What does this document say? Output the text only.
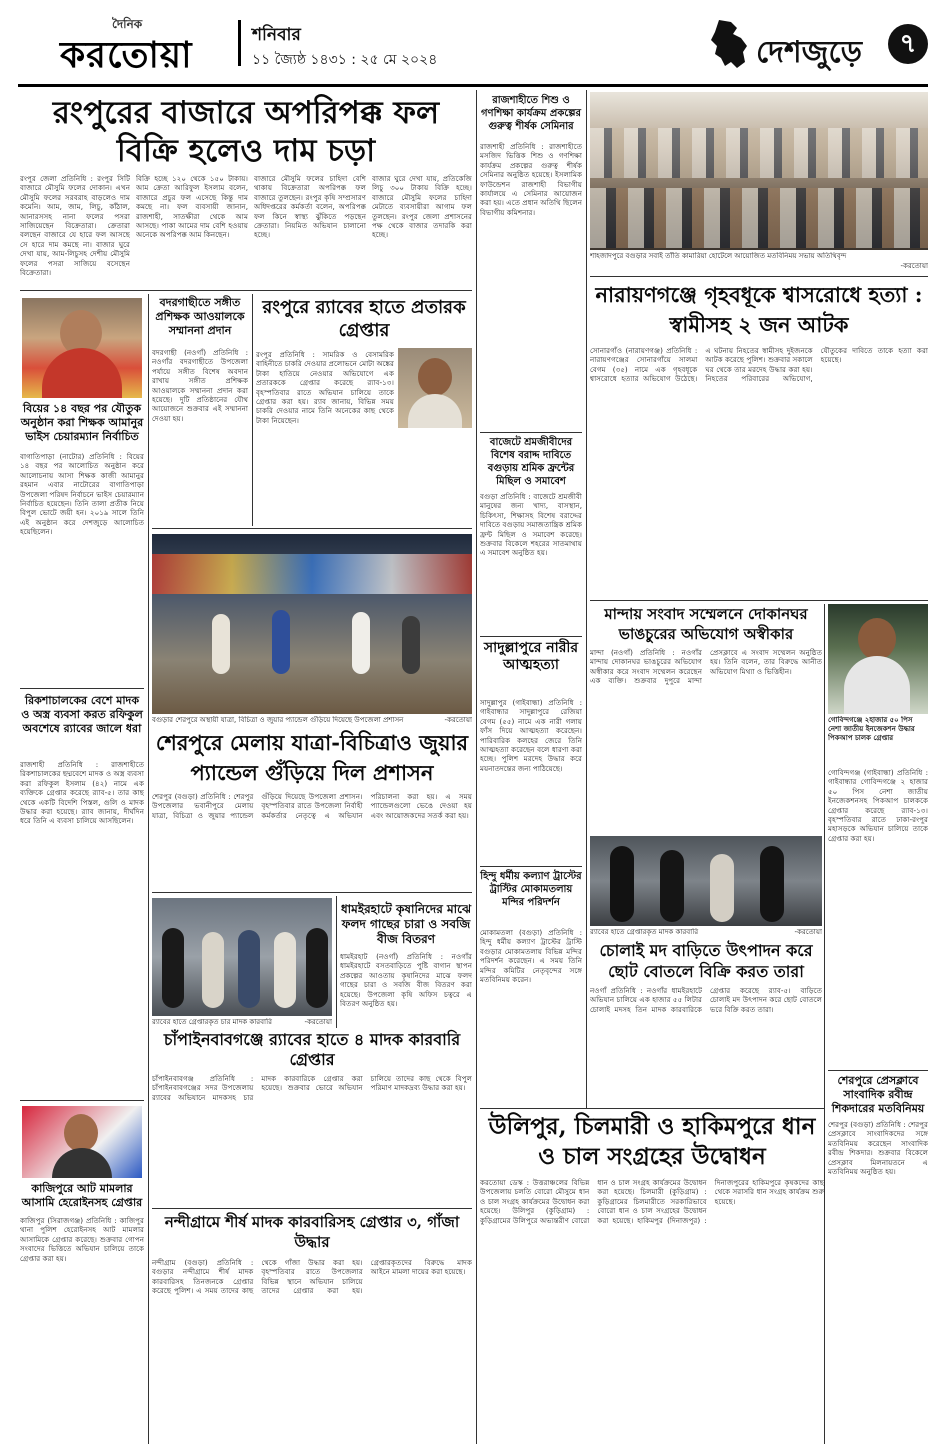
দৈনিক
করতোয়া	শনিবার
১১ জ্যৈষ্ঠ ১৪৩১ : ২৫ মে ২০২৪	দেশজুড়ে	৭
রংপুরের বাজারে অপরিপক্ক ফল বিক্রি হলেও দাম চড়া
রংপুর জেলা প্রতিনিধি : রংপুর সিটি বাজারে মৌসুমি ফলের দোকান। এখন মৌসুমি ফলের সরবরাহ বাড়লেও দাম কমেনি। আম, জাম, লিচু, কাঁঠাল, আনারসসহ নানা ফলের পসরা সাজিয়েছেন বিক্রেতারা। ক্রেতারা বলছেন বাজারে যে হারে ফল আসছে সে হারে দাম কমছে না। বাজার ঘুরে দেখা যায়, আম-লিচুসহ দেশীয় মৌসুমি ফলের পসরা সাজিয়ে বসেছেন বিক্রেতারা।
বিক্রি হচ্ছে ১২০ থেকে ১৫০ টাকায়। আম ক্রেতা আরিফুল ইসলাম বলেন, বাজারে প্রচুর ফল এসেছে কিন্তু দাম কমছে না। ফল ব্যবসায়ী জানান, রাজশাহী, সাতক্ষীরা থেকে আম আসছে। পাকা আমের দাম বেশি হওয়ায় অনেকে অপরিপক্ক আম কিনছেন।
বাজারে মৌসুমি ফলের চাহিদা বেশি থাকায় বিক্রেতারা অপরিপক্ক ফল বাজারে তুলছেন। রংপুর কৃষি সম্প্রসারণ অধিদপ্তরের কর্মকর্তা বলেন, অপরিপক্ক ফল কিনে স্বাস্থ্য ঝুঁকিতে পড়ছেন ক্রেতারা। নিয়মিত অভিযান চালানো হচ্ছে।
বাজার ঘুরে দেখা যায়, প্রতিকেজি লিচু ৩০০ টাকায় বিক্রি হচ্ছে। বাজারে মৌসুমি ফলের চাহিদা মেটাতে ব্যবসায়ীরা আগাম ফল তুলছেন। রংপুর জেলা প্রশাসনের পক্ষ থেকে বাজার তদারকি করা হচ্ছে।
বিয়ের ১৪ বছর পর যৌতুক অনুষ্ঠান করা শিক্ষক আমানুর ভাইস চেয়ারম্যান নির্বাচিত
বাগাতিপাড়া (নাটোর) প্রতিনিধি : বিয়ের ১৪ বছর পর আলোচিত অনুষ্ঠান করে আলোচনায় আসা শিক্ষক কাজী আমানুর রহমান এবার নাটোরের বাগাতিপাড়া উপজেলা পরিষদ নির্বাচনে ভাইস চেয়ারম্যান নির্বাচিত হয়েছেন। তিনি তালা প্রতীক নিয়ে বিপুল ভোটে জয়ী হন। ২০১৯ সালে তিনি এই অনুষ্ঠান করে দেশজুড়ে আলোচিত হয়েছিলেন।
রিকশাচালকের বেশে মাদক ও অস্ত্র ব্যবসা করত রফিকুল অবশেষে র‍্যাবের জালে ধরা
রাজশাহী প্রতিনিধি : রাজশাহীতে রিকশাচালকের ছদ্মবেশে মাদক ও অস্ত্র ব্যবসা করা রফিকুল ইসলাম (৪২) নামে এক ব্যক্তিকে গ্রেপ্তার করেছে র‍্যাব-৫। তার কাছ থেকে একটি বিদেশি পিস্তল, গুলি ও মাদক উদ্ধার করা হয়েছে। র‍্যাব জানায়, দীর্ঘদিন ধরে তিনি এ ব্যবসা চালিয়ে আসছিলেন।
কাজিপুরে আট মামলার আসামি হেরোইনসহ গ্রেপ্তার
কাজিপুর (সিরাজগঞ্জ) প্রতিনিধি : কাজিপুর থানা পুলিশ হেরোইনসহ আট মামলার আসামিকে গ্রেপ্তার করেছে। শুক্রবার গোপন সংবাদের ভিত্তিতে অভিযান চালিয়ে তাকে গ্রেপ্তার করা হয়।
বদরগাছীতে সঙ্গীত প্রশিক্ষক আওয়ালকে সম্মাননা প্রদান
বদরগাছী (নওগাঁ) প্রতিনিধি : নওগাঁর বদরগাছীতে উপজেলা পর্যায়ে সঙ্গীত বিশেষ অবদান রাখায় সঙ্গীত প্রশিক্ষক আওয়ালকে সম্মাননা প্রদান করা হয়েছে। দুটি প্রতিষ্ঠানের যৌথ আয়োজনে শুক্রবার এই সম্মাননা দেওয়া হয়।
রংপুরে র‍্যাবের হাতে প্রতারক গ্রেপ্তার
রংপুর প্রতিনিধি : সামরিক ও বেসামরিক বাহিনীতে চাকরি দেওয়ার প্রলোভনে মোটা অঙ্কের টাকা হাতিয়ে নেওয়ার অভিযোগে এক প্রতারককে গ্রেপ্তার করেছে র‍্যাব-১৩। বৃহস্পতিবার রাতে অভিযান চালিয়ে তাকে গ্রেপ্তার করা হয়। র‍্যাব জানায়, বিভিন্ন সময় চাকরি দেওয়ার নামে তিনি অনেকের কাছ থেকে টাকা নিয়েছেন।
বগুড়ার শেরপুরে অস্থায়ী যাত্রা, বিচিত্রা ও জুয়ার প্যান্ডেল গুঁড়িয়ে দিয়েছে উপজেলা প্রশাসন	-করতোয়া
শেরপুরে মেলায় যাত্রা-বিচিত্রাও জুয়ার প্যান্ডেল গুঁড়িয়ে দিল প্রশাসন
শেরপুর (বগুড়া) প্রতিনিধি : শেরপুর উপজেলার ভবানীপুরে মেলায় যাত্রা, বিচিত্রা ও জুয়ার প্যান্ডেল গুঁড়িয়ে দিয়েছে উপজেলা প্রশাসন। বৃহস্পতিবার রাতে উপজেলা নির্বাহী কর্মকর্তার নেতৃত্বে এ অভিযান পরিচালনা করা হয়। এ সময় প্যান্ডেলগুলো ভেঙে দেওয়া হয় এবং আয়োজকদের সতর্ক করা হয়।
র‍্যাবের হাতে গ্রেপ্তারকৃত চার মাদক কারবারি	-করতোয়া
ধামইরহাটে কৃষানিদের মাঝে ফলদ গাছের চারা ও সবজি বীজ বিতরণ
ধামইরহাট (নওগাঁ) প্রতিনিধি : নওগাঁর ধামইরহাটে বসতবাড়িতে পুষ্টি বাগান স্থাপন প্রকল্পের আওতায় কৃষানিদের মাঝে ফলদ গাছের চারা ও সবজি বীজ বিতরণ করা হয়েছে। উপজেলা কৃষি অফিস চত্বরে এ বিতরণ অনুষ্ঠিত হয়।
চাঁপাইনবাবগঞ্জে র‍্যাবের হাতে ৪ মাদক কারবারি গ্রেপ্তার
চাঁপাইনবাবগঞ্জ প্রতিনিধি : চাঁপাইনবাবগঞ্জের সদর উপজেলায় র‍্যাবের অভিযানে মাদকসহ চার মাদক কারবারিকে গ্রেপ্তার করা হয়েছে। শুক্রবার ভোরে অভিযান চালিয়ে তাদের কাছ থেকে বিপুল পরিমাণ মাদকদ্রব্য উদ্ধার করা হয়।
রাজশাহীতে শিশু ও গণশিক্ষা কার্যক্রম প্রকল্পের গুরুত্ব শীর্ষক সেমিনার
রাজশাহী প্রতিনিধি : রাজশাহীতে মসজিদ ভিত্তিক শিশু ও গণশিক্ষা কার্যক্রম প্রকল্পের গুরুত্ব শীর্ষক সেমিনার অনুষ্ঠিত হয়েছে। ইসলামিক ফাউন্ডেশন রাজশাহী বিভাগীয় কার্যালয়ে এ সেমিনার আয়োজন করা হয়। এতে প্রধান অতিথি ছিলেন বিভাগীয় কমিশনার।
বাজেটে শ্রমজীবীদের বিশেষ বরাদ্দ দাবিতে বগুড়ায় শ্রমিক ফ্রন্টের মিছিল ও সমাবেশ
বগুড়া প্রতিনিধি : বাজেটে শ্রমজীবী মানুষের জন্য খাদ্য, বাসস্থান, চিকিৎসা, শিক্ষাসহ বিশেষ বরাদ্দের দাবিতে বগুড়ায় সমাজতান্ত্রিক শ্রমিক ফ্রন্ট মিছিল ও সমাবেশ করেছে। শুক্রবার বিকেলে শহরের সাতমাথায় এ সমাবেশ অনুষ্ঠিত হয়।
সাদুল্লাপুরে নারীর আত্মহত্যা
সাদুল্লাপুর (গাইবান্ধা) প্রতিনিধি : গাইবান্ধার সাদুল্লাপুরে রেজিয়া বেগম (৫৫) নামে এক নারী গলায় ফাঁস দিয়ে আত্মহত্যা করেছেন। পারিবারিক কলহের জেরে তিনি আত্মহত্যা করেছেন বলে ধারণা করা হচ্ছে। পুলিশ মরদেহ উদ্ধার করে ময়নাতদন্তের জন্য পাঠিয়েছে।
হিন্দু ধর্মীয় কল্যাণ ট্রাস্টের ট্রাস্টির মোকামতলায় মন্দির পরিদর্শন
মোকামতলা (বগুড়া) প্রতিনিধি : হিন্দু ধর্মীয় কল্যাণ ট্রাস্টের ট্রাস্টি বগুড়ার মোকামতলায় বিভিন্ন মন্দির পরিদর্শন করেছেন। এ সময় তিনি মন্দির কমিটির নেতৃবৃন্দের সঙ্গে মতবিনিময় করেন।
শাহজাদপুরে বগুড়ার সবাই তাঁতি কামারিয়া হোটেলে আয়োজিত মতবিনিময় সভায় অতিথিবৃন্দ
-করতোয়া
নারায়ণগঞ্জে গৃহবধূকে শ্বাসরোধে হত্যা : স্বামীসহ ২ জন আটক
সোনারগাঁও (নারায়ণগঞ্জ) প্রতিনিধি : নারায়ণগঞ্জের সোনারগাঁয়ে সালমা বেগম (৩৫) নামে এক গৃহবধূকে শ্বাসরোধে হত্যার অভিযোগ উঠেছে। এ ঘটনায় নিহতের স্বামীসহ দুইজনকে আটক করেছে পুলিশ। শুক্রবার সকালে ঘর থেকে তার মরদেহ উদ্ধার করা হয়। নিহতের পরিবারের অভিযোগ, যৌতুকের দাবিতে তাকে হত্যা করা হয়েছে।
মান্দায় সংবাদ সম্মেলনে দোকানঘর ভাঙচুরের অভিযোগ অস্বীকার
মান্দা (নওগাঁ) প্রতিনিধি : নওগাঁর মান্দায় দোকানঘর ভাঙচুরের অভিযোগ অস্বীকার করে সংবাদ সম্মেলন করেছেন এক ব্যক্তি। শুক্রবার দুপুরে মান্দা প্রেসক্লাবে এ সংবাদ সম্মেলন অনুষ্ঠিত হয়। তিনি বলেন, তার বিরুদ্ধে আনীত অভিযোগ মিথ্যা ও ভিত্তিহীন।
গোবিন্দগঞ্জে ২হাজার ৫০ পিস নেশা জাতীয় ইনজেকশন উদ্ধার পিকআপ চালক গ্রেপ্তার
গোবিন্দগঞ্জ (গাইবান্ধা) প্রতিনিধি : গাইবান্ধার গোবিন্দগঞ্জে ২ হাজার ৫০ পিস নেশা জাতীয় ইনজেকশনসহ পিকআপ চালককে গ্রেপ্তার করেছে র‍্যাব-১৩। বৃহস্পতিবার রাতে ঢাকা-রংপুর মহাসড়কে অভিযান চালিয়ে তাকে গ্রেপ্তার করা হয়।
র‍্যাবের হাতে গ্রেপ্তারকৃত মাদক কারবারি	-করতোয়া
চোলাই মদ বাড়িতে উৎপাদন করে ছোট বোতলে বিক্রি করত তারা
নওগাঁ প্রতিনিধি : নওগাঁর ধামইরহাটে অভিযান চালিয়ে এক হাজার ৫৫ লিটার চোলাই মদসহ তিন মাদক কারবারিকে গ্রেপ্তার করেছে র‍্যাব-৫। বাড়িতে চোলাই মদ উৎপাদন করে ছোট বোতলে ভরে বিক্রি করত তারা।
শেরপুরে প্রেসক্লাবে সাংবাদিক রবীন্দ্র শিকদারের মতবিনিময়
শেরপুর (বগুড়া) প্রতিনিধি : শেরপুর প্রেসক্লাবে সাংবাদিকদের সঙ্গে মতবিনিময় করেছেন সাংবাদিক রবীন্দ্র শিকদার। শুক্রবার বিকেলে প্রেসক্লাব মিলনায়তনে এ মতবিনিময় অনুষ্ঠিত হয়।
উলিপুর, চিলমারী ও হাকিমপুরে ধান ও চাল সংগ্রহের উদ্বোধন
করতোয়া ডেস্ক : উত্তরাঞ্চলের বিভিন্ন উপজেলায় চলতি বোরো মৌসুমে ধান ও চাল সংগ্রহ কার্যক্রমের উদ্বোধন করা হয়েছে। উলিপুর (কুড়িগ্রাম) : কুড়িগ্রামের উলিপুরে অভ্যন্তরীণ বোরো ধান ও চাল সংগ্রহ কার্যক্রমের উদ্বোধন করা হয়েছে। চিলমারী (কুড়িগ্রাম) : কুড়িগ্রামের চিলমারীতে সরকারিভাবে বোরো ধান ও চাল সংগ্রহের উদ্বোধন করা হয়েছে। হাকিমপুর (দিনাজপুর) : দিনাজপুরের হাকিমপুরে কৃষকদের কাছ থেকে সরাসরি ধান সংগ্রহ কার্যক্রম শুরু হয়েছে।
নন্দীগ্রামে শীর্ষ মাদক কারবারিসহ গ্রেপ্তার ৩, গাঁজা উদ্ধার
নন্দীগ্রাম (বগুড়া) প্রতিনিধি : বগুড়ার নন্দীগ্রামে শীর্ষ মাদক কারবারিসহ তিনজনকে গ্রেপ্তার করেছে পুলিশ। এ সময় তাদের কাছ থেকে গাঁজা উদ্ধার করা হয়। বৃহস্পতিবার রাতে উপজেলার বিভিন্ন স্থানে অভিযান চালিয়ে তাদের গ্রেপ্তার করা হয়। গ্রেপ্তারকৃতদের বিরুদ্ধে মাদক আইনে মামলা দায়ের করা হয়েছে।
